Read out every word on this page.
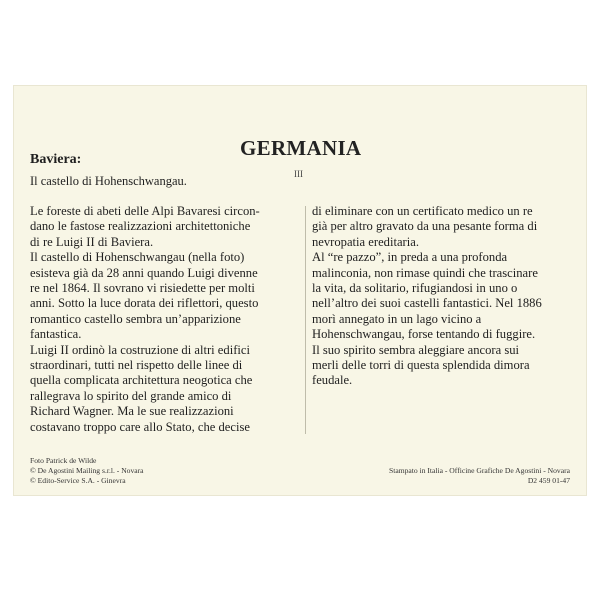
GERMANIA
III
Baviera:
Il castello di Hohenschwangau.

Le foreste di abeti delle Alpi Bavaresi circon-
dano le fastose realizzazioni architettoniche
di re Luigi II di Baviera.

Il castello di Hohenschwangau (nella foto)
esisteva già da 28 anni quando Luigi divenne
re nel 1864. Il sovrano vi risiedette per molti
anni. Sotto la luce dorata dei riflettori, questo
romantico castello sembra un’apparizione
fantastica.

Luigi II ordinò la costruzione di altri edifici
straordinari, tutti nel rispetto delle linee di
quella complicata architettura neogotica che
rallegrava lo spirito del grande amico di
Richard Wagner. Ma le sue realizzazioni
costavano troppo care allo Stato, che decise

di eliminare con un certificato medico un re
già per altro gravato da una pesante forma di
nevropatia ereditaria.

Al “re pazzo”, in preda a una profonda
malinconia, non rimase quindi che trascinare
la vita, da solitario, rifugiandosi in uno o
nell’altro dei suoi castelli fantastici. Nel 1886
morì annegato in un lago vicino a
Hohenschwangau, forse tentando di fuggire.

Il suo spirito sembra aleggiare ancora sui
merli delle torri di questa splendida dimora
feudale.

Foto Patrick de Wilde
© De Agostini Mailing s.r.l. - Novara
© Edito-Service S.A. - Ginevra
Stampato in Italia - Officine Grafiche De Agostini - Novara
D2 459 01-47
